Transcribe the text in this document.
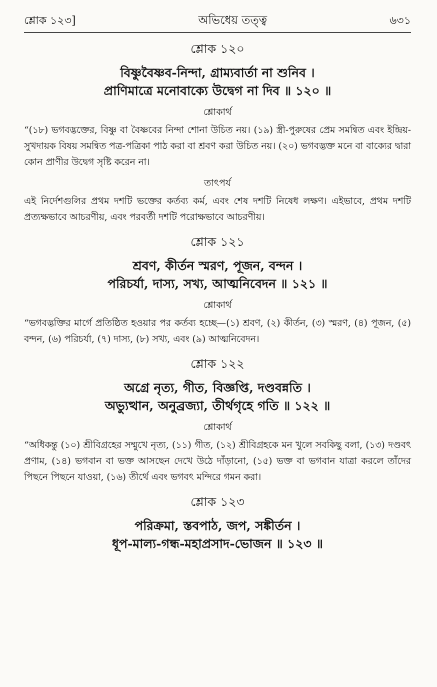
শ্লোক ১২৩]	অভিধেয় তত্ত্ব	৬৩১
শ্লোক ১২০
বিষ্ণুবৈষ্ণব-নিন্দা, গ্রাম্যবার্তা না শুনিব ।
প্রাণিমাত্রে মনোবাক্যে উদ্বেগ না দিব ॥ ১২০ ॥
শ্লোকার্থ
“(১৮) ভগবদ্ভক্তের, বিষ্ণু বা বৈষ্ণবের নিন্দা শোনা উচিত নয়। (১৯) স্ত্রী-পুরুষের প্রেম সমন্বিত এবং ইন্দ্রিয়-সুখদায়ক বিষয় সমন্বিত পত্র-পত্রিকা পাঠ করা বা শ্রবণ করা উচিত নয়। (২০) ভগবদ্ভক্ত মনে বা বাক্যের দ্বারা কোন প্রাণীর উদ্বেগ সৃষ্টি করেন না।
তাৎপর্য
এই নির্দেশগুলির প্রথম দশটি ভক্তের কর্তব্য কর্ম, এবং শেষ দশটি নিষেধ লক্ষণ। এইভাবে, প্রথম দশটি প্রত্যক্ষভাবে আচরণীয়, এবং পরবর্তী দশটি পরোক্ষভাবে আচরণীয়।
শ্লোক ১২১
শ্রবণ, কীর্তন স্মরণ, পূজন, বন্দন ।
পরিচর্যা, দাস্য, সখ্য, আত্মনিবেদন ॥ ১২১ ॥
শ্লোকার্থ
“ভগবদ্ভক্তির মার্গে প্রতিষ্ঠিত হওয়ার পর কর্তব্য হচ্ছে—(১) শ্রবণ, (২) কীর্তন, (৩) স্মরণ, (৪) পূজন, (৫) বন্দন, (৬) পরিচর্যা, (৭) দাস্য, (৮) সখ্য, এবং (৯) আত্মনিবেদন।
শ্লোক ১২২
অগ্রে নৃত্য, গীত, বিজ্ঞপ্তি, দণ্ডবন্নতি ।
অভ্যুত্থান, অনুব্রজ্যা, তীর্থগৃহে গতি ॥ ১২২ ॥
শ্লোকার্থ
“অধিকন্তু (১০) শ্রীবিগ্রহের সম্মুখে নৃত্য, (১১) গীত, (১২) শ্রীবিগ্রহকে মন খুলে সবকিছু বলা, (১৩) দণ্ডবৎ প্রণাম, (১৪) ভগবান বা ভক্ত আসছেন দেখে উঠে দাঁড়ানো, (১৫) ভক্ত বা ভগবান যাত্রা করলে তাঁদের পিছনে পিছনে যাওয়া, (১৬) তীর্থে এবং ভগবৎ মন্দিরে গমন করা।
শ্লোক ১২৩
পরিক্রমা, স্তবপাঠ, জপ, সঙ্কীর্তন ।
ধূপ-মাল্য-গন্ধ-মহাপ্রসাদ-ভোজন ॥ ১২৩ ॥
